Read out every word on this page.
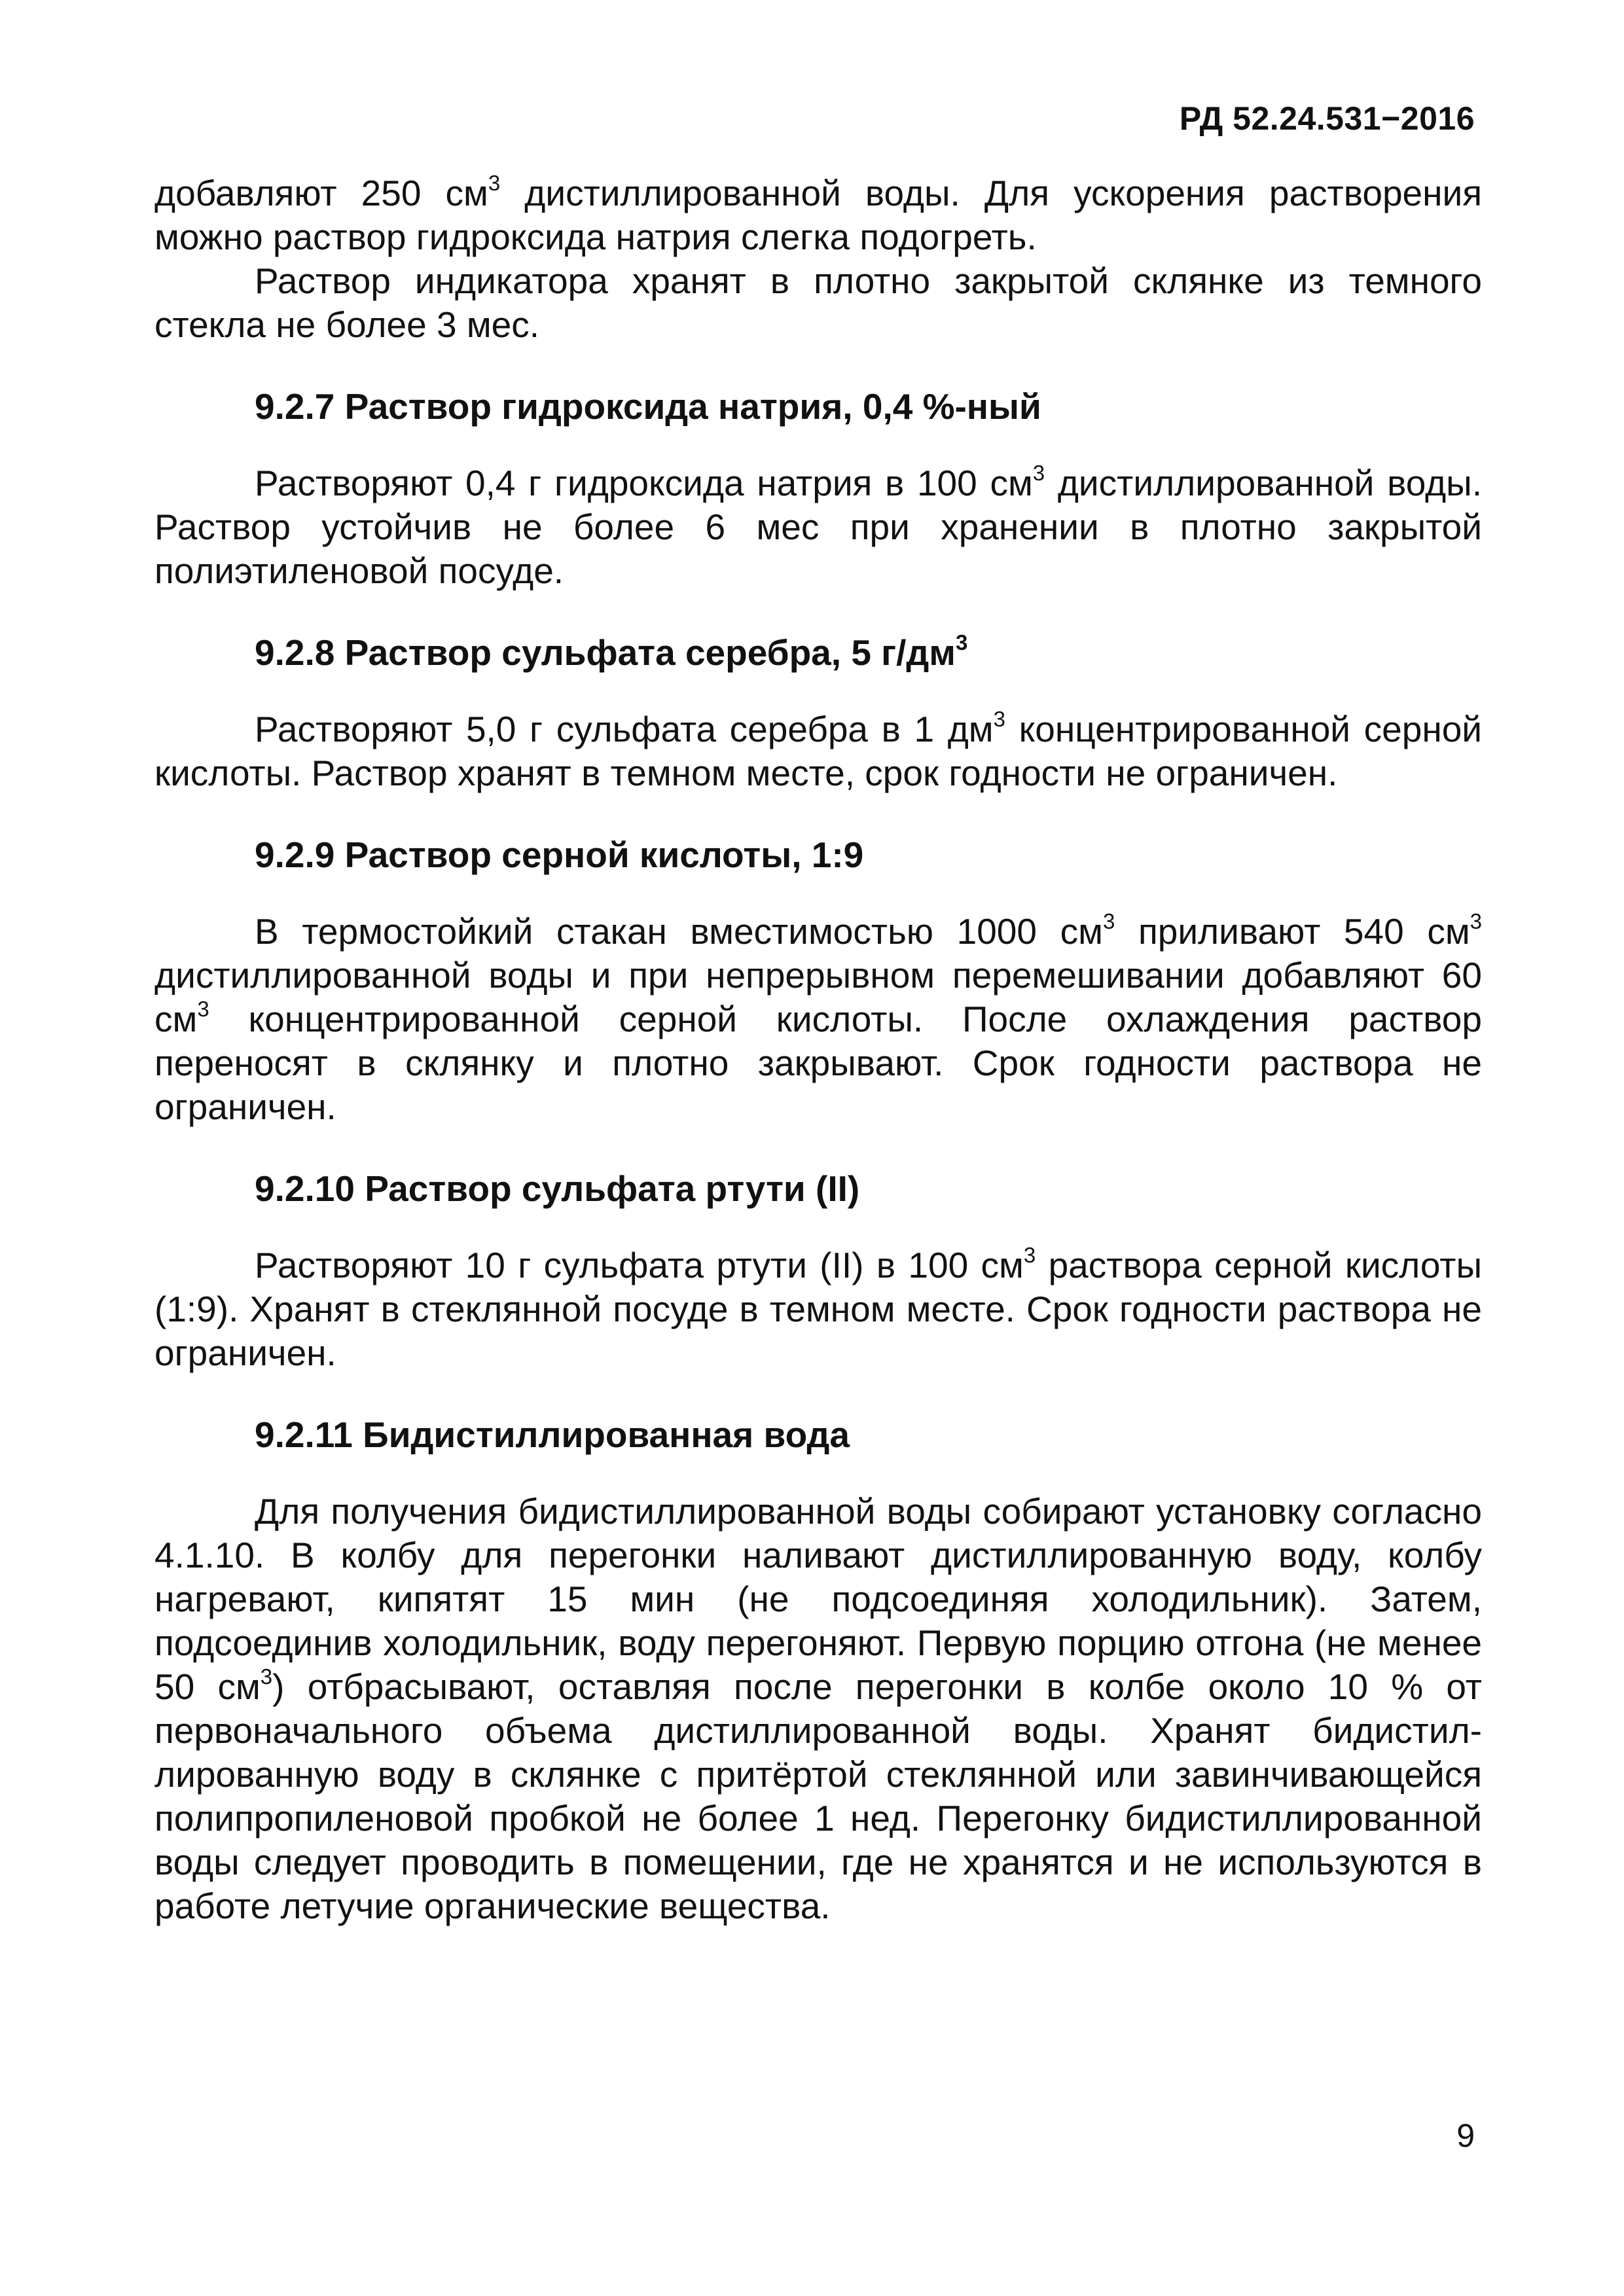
РД 52.24.531−2016

добавляют 250 $см^3$ дистиллированной воды. Для ускорения растворения можно раствор гидроксида натрия слегка подогреть.

Раствор индикатора хранят в плотно закрытой склянке из темного стекла не более 3 мес.

9.2.7 Раствор гидроксида натрия, 0,4 %-ный

Растворяют 0,4 г гидроксида натрия в 100 $см^3$ дистиллированной воды. Раствор устойчив не более 6 мес при хранении в плотно закрытой полиэтиленовой посуде.

9.2.8 Раствор сульфата серебра, 5 $г/дм^3$

Растворяют 5,0 г сульфата серебра в 1 $дм^3$ концентрированной серной кислоты. Раствор хранят в темном месте, срок годности не ограничен.

9.2.9 Раствор серной кислоты, 1:9

В термостойкий стакан вместимостью 1000 $см^3$ приливают 540 $см^3$ дистиллированной воды и при непрерывном перемешивании добавляют 60 $см^3$ концентрированной серной кислоты. После охлаждения раствор переносят в склянку и плотно закрывают. Срок годности раствора не ограничен.

9.2.10 Раствор сульфата ртути (II)

Растворяют 10 г сульфата ртути (II) в 100 $см^3$ раствора серной кислоты (1:9). Хранят в стеклянной посуде в темном месте. Срок годности раствора не ограничен.

9.2.11 Бидистиллированная вода

Для получения бидистиллированной воды собирают установку согласно 4.1.10. В колбу для перегонки наливают дистиллированную воду, колбу нагревают, кипятят 15 мин (не подсоединяя холодильник). Затем, подсоединив холодильник, воду перегоняют. Первую порцию отгона (не менее 50 $см^3$) отбрасывают, оставляя после перегонки в колбе около 10 % от первоначального объема дистиллированной воды. Хранят бидистиллированную воду в склянке с притёртой стеклянной или завинчивающейся полипропиленовой пробкой не более 1 нед. Перегонку бидистиллированной воды следует проводить в помещении, где не хранятся и не используются в работе летучие органические вещества.

9
